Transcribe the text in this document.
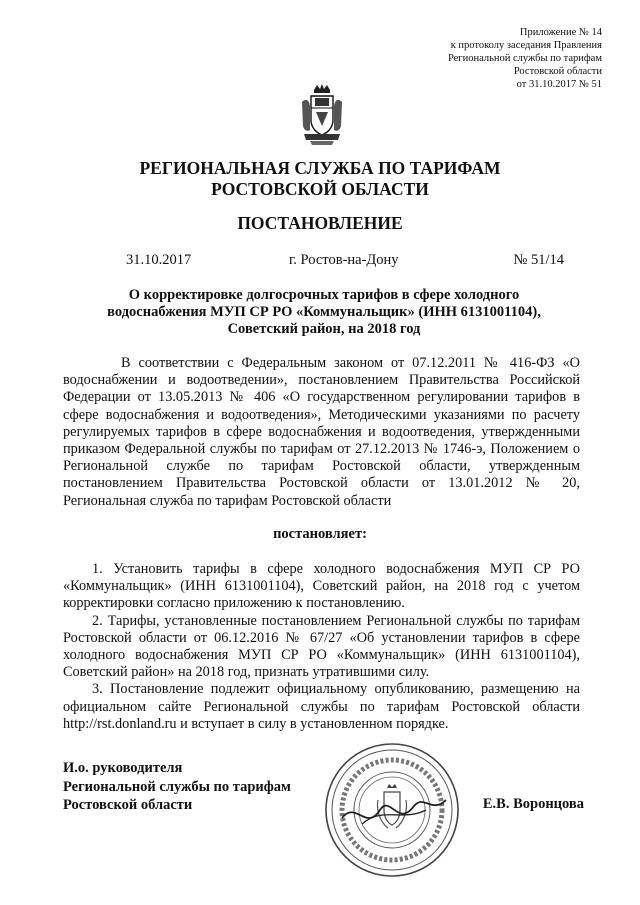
Приложение № 14
к протоколу заседания Правления
Региональной службы по тарифам
Ростовской области
от 31.10.2017 № 51
РЕГИОНАЛЬНАЯ СЛУЖБА ПО ТАРИФАМ
РОСТОВСКОЙ ОБЛАСТИ
ПОСТАНОВЛЕНИЕ
31.10.2017	г. Ростов-на-Дону	№ 51/14
О корректировке долгосрочных тарифов в сфере холодного
водоснабжения МУП СР РО «Коммунальщик» (ИНН 6131001104),
Советский район, на 2018 год

В соответствии с Федеральным законом от 07.12.2011 № 416-ФЗ «О водоснабжении и водоотведении», постановлением Правительства Российской Федерации от 13.05.2013 № 406 «О государственном регулировании тарифов в сфере водоснабжения и водоотведения», Методическими указаниями по расчету регулируемых тарифов в сфере водоснабжения и водоотведения, утвержденными приказом Федеральной службы по тарифам от 27.12.2013 № 1746-э, Положением о Региональной службе по тарифам Ростовской области, утвержденным постановлением Правительства Ростовской области от 13.01.2012 № 20, Региональная служба по тарифам Ростовской области

постановляет:

1. Установить тарифы в сфере холодного водоснабжения МУП СР РО «Коммунальщик» (ИНН 6131001104), Советский район, на 2018 год с учетом корректировки согласно приложению к постановлению.

2. Тарифы, установленные постановлением Региональной службы по тарифам Ростовской области от 06.12.2016 № 67/27 «Об установлении тарифов в сфере холодного водоснабжения МУП СР РО «Коммунальщик» (ИНН 6131001104), Советский район» на 2018 год, признать утратившими силу.

3. Постановление подлежит официальному опубликованию, размещению на официальном сайте Региональной службы по тарифам Ростовской области http://rst.donland.ru и вступает в силу в установленном порядке.

И.о. руководителя
Региональной службы по тарифам
Ростовской области	Е.В. Воронцова
